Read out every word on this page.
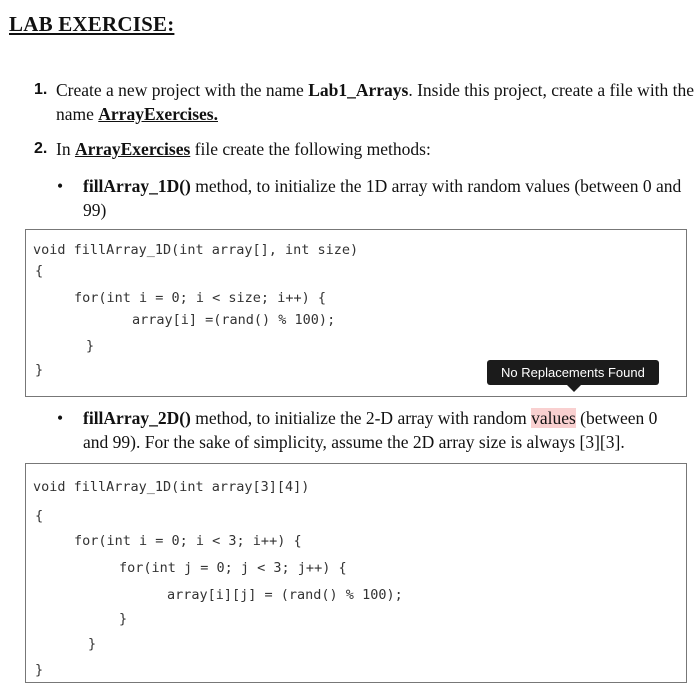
LAB EXERCISE:
1. Create a new project with the name Lab1_Arrays. Inside this project, create a file with the name ArrayExercises.
2. In ArrayExercises file create the following methods:
• fillArray_1D() method, to initialize the 1D array with random values (between 0 and 99)
void fillArray_1D(int array[], int size)
{
for(int i = 0; i < size; i++) {
array[i] =(rand() % 100);
}
}	No Replacements Found
• fillArray_2D() method, to initialize the 2-D array with random values (between 0 and 99). For the sake of simplicity, assume the 2D array size is always [3][3].
void fillArray_1D(int array[3][4])
{
for(int i = 0; i < 3; i++) {
for(int j = 0; j < 3; j++) {
array[i][j] = (rand() % 100);
}
}
}
